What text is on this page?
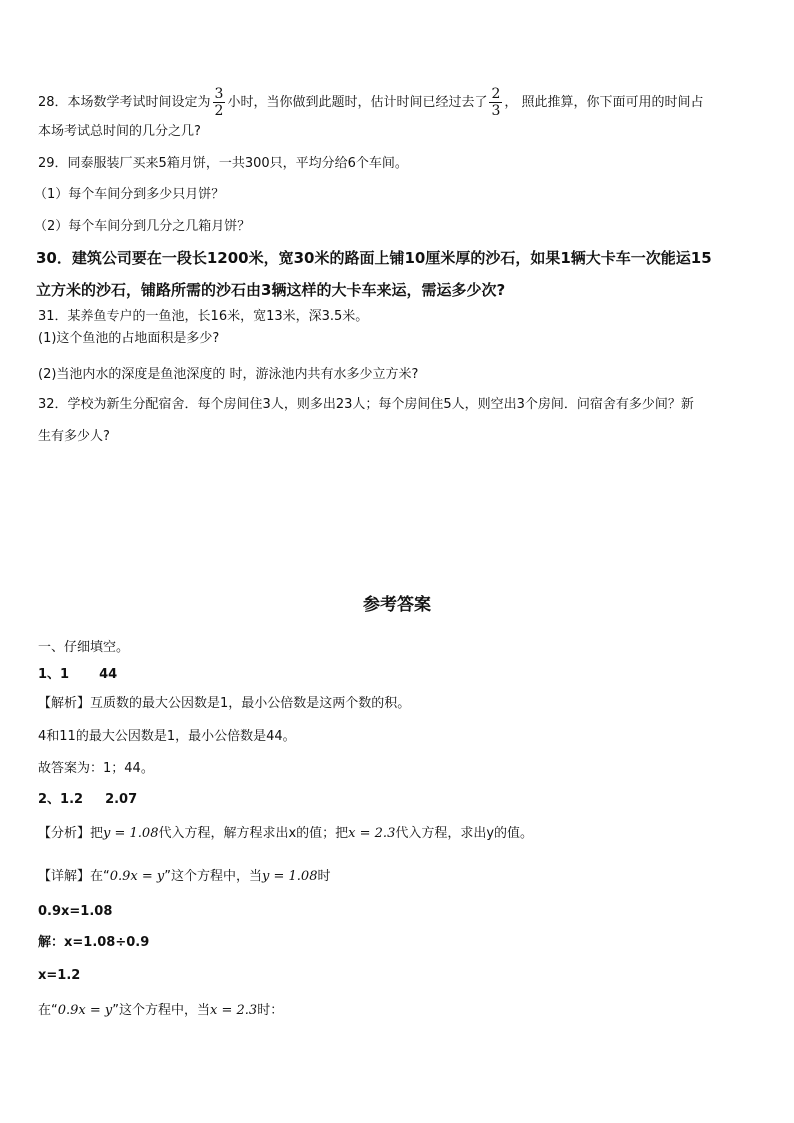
28．本场数学考试时间设定为 $\frac{3}{2}$ 小时，当你做到此题时，估计时间已经过去了 $\frac{2}{3}$ ， 照此推算，你下面可用的时间占
本场考试总时间的几分之几?
29．同泰服装厂买来5箱月饼，一共300只，平均分给6个车间。
（1）每个车间分到多少只月饼？
（2）每个车间分到几分之几箱月饼？
30．建筑公司要在一段长1200米，宽30米的路面上铺10厘米厚的沙石，如果1辆大卡车一次能运15
立方米的沙石，铺路所需的沙石由3辆这样的大卡车来运，需运多少次?
31．某养鱼专户的一鱼池，长16米，宽13米，深3.5米。
(1)这个鱼池的占地面积是多少?
(2)当池内水的深度是鱼池深度的 时，游泳池内共有水多少立方米?
32．学校为新生分配宿舍．每个房间住3人，则多出23人；每个房间住5人，则空出3个房间．问宿舍有多少间？新
生有多少人?
参考答案
一、仔细填空。
1、1 44
【解析】互质数的最大公因数是1，最小公倍数是这两个数的积。
4和11的最大公因数是1，最小公倍数是44。
故答案为：1；44。
2、1.2 2.07
【分析】把y = 1.08代入方程，解方程求出x的值；把x = 2.3代入方程，求出y的值。
【详解】在“0.9x = y”这个方程中，当y = 1.08时
0.9x=1.08
解：x=1.08÷0.9
x=1.2
在“0.9x = y”这个方程中，当x = 2.3时：
